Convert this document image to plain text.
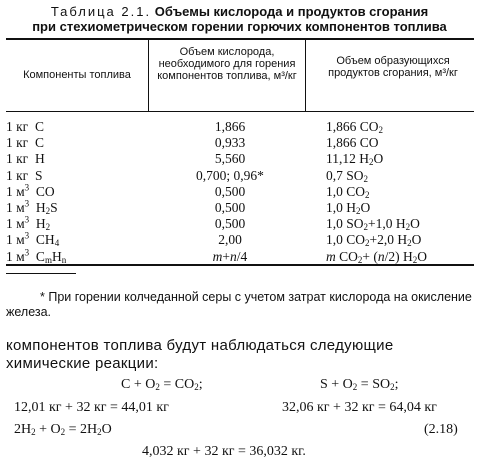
Таблица 2.1. Объемы кислорода и продуктов сгорания
при стехиометрическом горении горючих компонентов топлива
Компоненты топлива
Объем кислорода, необходимого для горения компонентов топлива, м³/кг
Объем образующихся продуктов сгорания, м³/кг
1 кг  C	1,866	1,866 $CO_2$
1 кг  C	0,933	1,866 CO
1 кг  H	5,560	11,12 $H_2O$
1 кг  S	0,700; 0,96*	0,7 $SO_2$
1 $м^3$  CO	0,500	1,0 $CO_2$
1 $м^3$  $H_2S$	0,500	1,0 $H_2O$
1 $м^3$  $H_2$	0,500	1,0 $SO_2+1,0$ $H_2O$
1 $м^3$  $CH_4$	2,00	1,0 $CO_2+2,0$ $H_2O$
1 $м^3$  $C_mH_n$	m+n/4	m $CO_2+ (n/2)$ $H_2O$
* При горении колчеданной серы с учетом затрат кислорода на окисление железа.
компонентов топлива будут наблюдаться следующие химические реакции:
$C + O_2 = CO_2$;	$S + O_2 = SO_2$;
12,01 кг + 32 кг = 44,01 кг	32,06 кг + 32 кг = 64,04 кг
$2H_2 + O_2 = 2H_2O$	(2.18)
4,032 кг + 32 кг = 36,032 кг.
